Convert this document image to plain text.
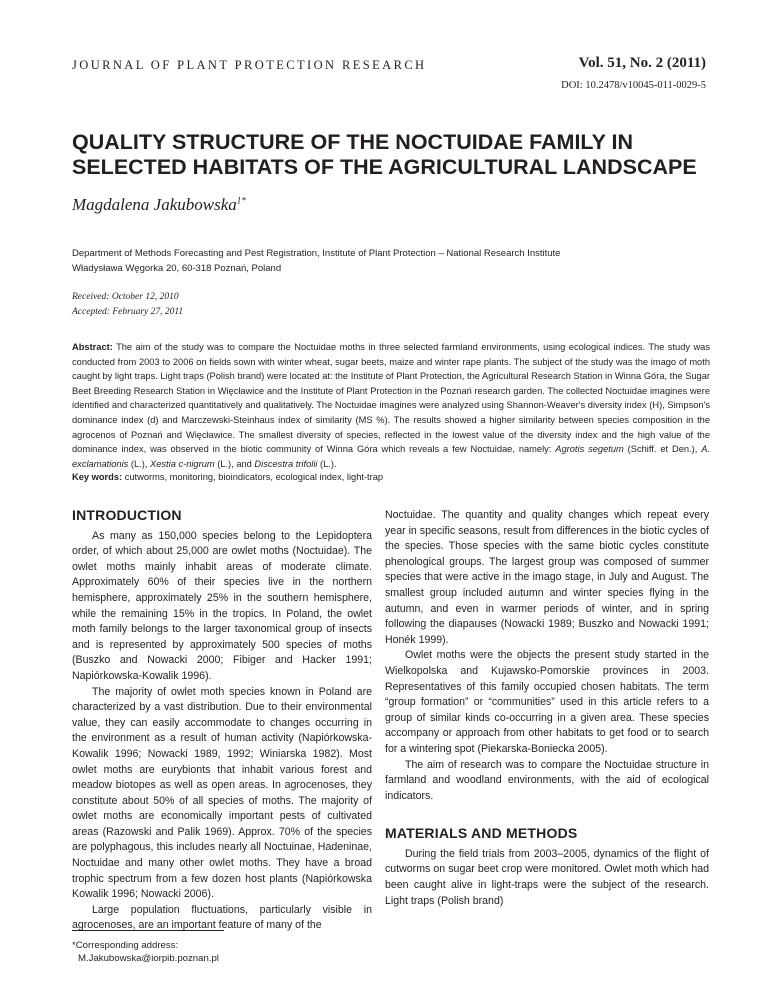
JOURNAL OF PLANT PROTECTION RESEARCH	Vol. 51, No. 2 (2011)
DOI: 10.2478/v10045-011-0029-5
QUALITY STRUCTURE OF THE NOCTUIDAE FAMILY IN SELECTED HABITATS OF THE AGRICULTURAL LANDSCAPE
Magdalena Jakubowska$^{1*}$
Department of Methods Forecasting and Pest Registration, Institute of Plant Protection – National Research Institute
Władysława Węgorka 20, 60-318 Poznań, Poland
Received: October 12, 2010
Accepted: February 27, 2011
Abstract: The aim of the study was to compare the Noctuidae moths in three selected farmland environments, using ecological indices. The study was conducted from 2003 to 2006 on fields sown with winter wheat, sugar beets, maize and winter rape plants. The subject of the study was the imago of moth caught by light traps. Light traps (Polish brand) were located at: the Institute of Plant Protection, the Agricultural Research Station in Winna Góra, the Sugar Beet Breeding Research Station in Więcławice and the Institute of Plant Protection in the Poznań research garden. The collected Noctuidae imagines were identified and characterized quantitatively and qualitatively. The Noctuidae imagines were analyzed using Shannon-Weaver's diversity index (H), Simpson's dominance index (d) and Marczewski-Steinhaus index of similarity (MS %). The results showed a higher similarity between species composition in the agrocenos of Poznań and Więcławice. The smallest diversity of species, reflected in the lowest value of the diversity index and the high value of the dominance index, was observed in the biotic community of Winna Góra which reveals a few Noctuidae, namely: Agrotis segetum (Schiff. et Den.), A. exclamationis (L.), Xestia c-nigrum (L.), and Discestra trifolii (L.).
Key words: cutworms, monitoring, bioindicators, ecological index, light-trap
INTRODUCTION

As many as 150,000 species belong to the Lepidoptera order, of which about 25,000 are owlet moths (Noctuidae). The owlet moths mainly inhabit areas of moderate climate. Approximately 60% of their species live in the northern hemisphere, approximately 25% in the southern hemisphere, while the remaining 15% in the tropics. In Poland, the owlet moth family belongs to the larger taxonomical group of insects and is represented by approximately 500 species of moths (Buszko and Nowacki 2000; Fibiger and Hacker 1991; Napiórkowska-Kowalik 1996).

The majority of owlet moth species known in Poland are characterized by a vast distribution. Due to their environmental value, they can easily accommodate to changes occurring in the environment as a result of human activity (Napiórkowska-Kowalik 1996; Nowacki 1989, 1992; Winiarska 1982). Most owlet moths are eurybionts that inhabit various forest and meadow biotopes as well as open areas. In agrocenoses, they constitute about 50% of all species of moths. The majority of owlet moths are economically important pests of cultivated areas (Razowski and Palik 1969). Approx. 70% of the species are polyphagous, this includes nearly all Noctuinae, Hadeninae, Noctuidae and many other owlet moths. They have a broad trophic spectrum from a few dozen host plants (Napiórkowska Kowalik 1996; Nowacki 2006).

Large population fluctuations, particularly visible in agrocenoses, are an important feature of many of the

Noctuidae. The quantity and quality changes which repeat every year in specific seasons, result from differences in the biotic cycles of the species. Those species with the same biotic cycles constitute phenological groups. The largest group was composed of summer species that were active in the imago stage, in July and August. The smallest group included autumn and winter species flying in the autumn, and even in warmer periods of winter, and in spring following the diapauses (Nowacki 1989; Buszko and Nowacki 1991; Honék 1999).

Owlet moths were the objects the present study started in the Wielkopolska and Kujawsko-Pomorskie provinces in 2003. Representatives of this family occupied chosen habitats. The term “group formation” or “communities” used in this article refers to a group of similar kinds co-occurring in a given area. These species accompany or approach from other habitats to get food or to search for a wintering spot (Piekarska-Boniecka 2005).

The aim of research was to compare the Noctuidae structure in farmland and woodland environments, with the aid of ecological indicators.

MATERIALS AND METHODS

During the field trials from 2003–2005, dynamics of the flight of cutworms on sugar beet crop were monitored. Owlet moth which had been caught alive in light-traps were the subject of the research. Light traps (Polish brand)

*Corresponding address:
M.Jakubowska@iorpib.poznan.pl
